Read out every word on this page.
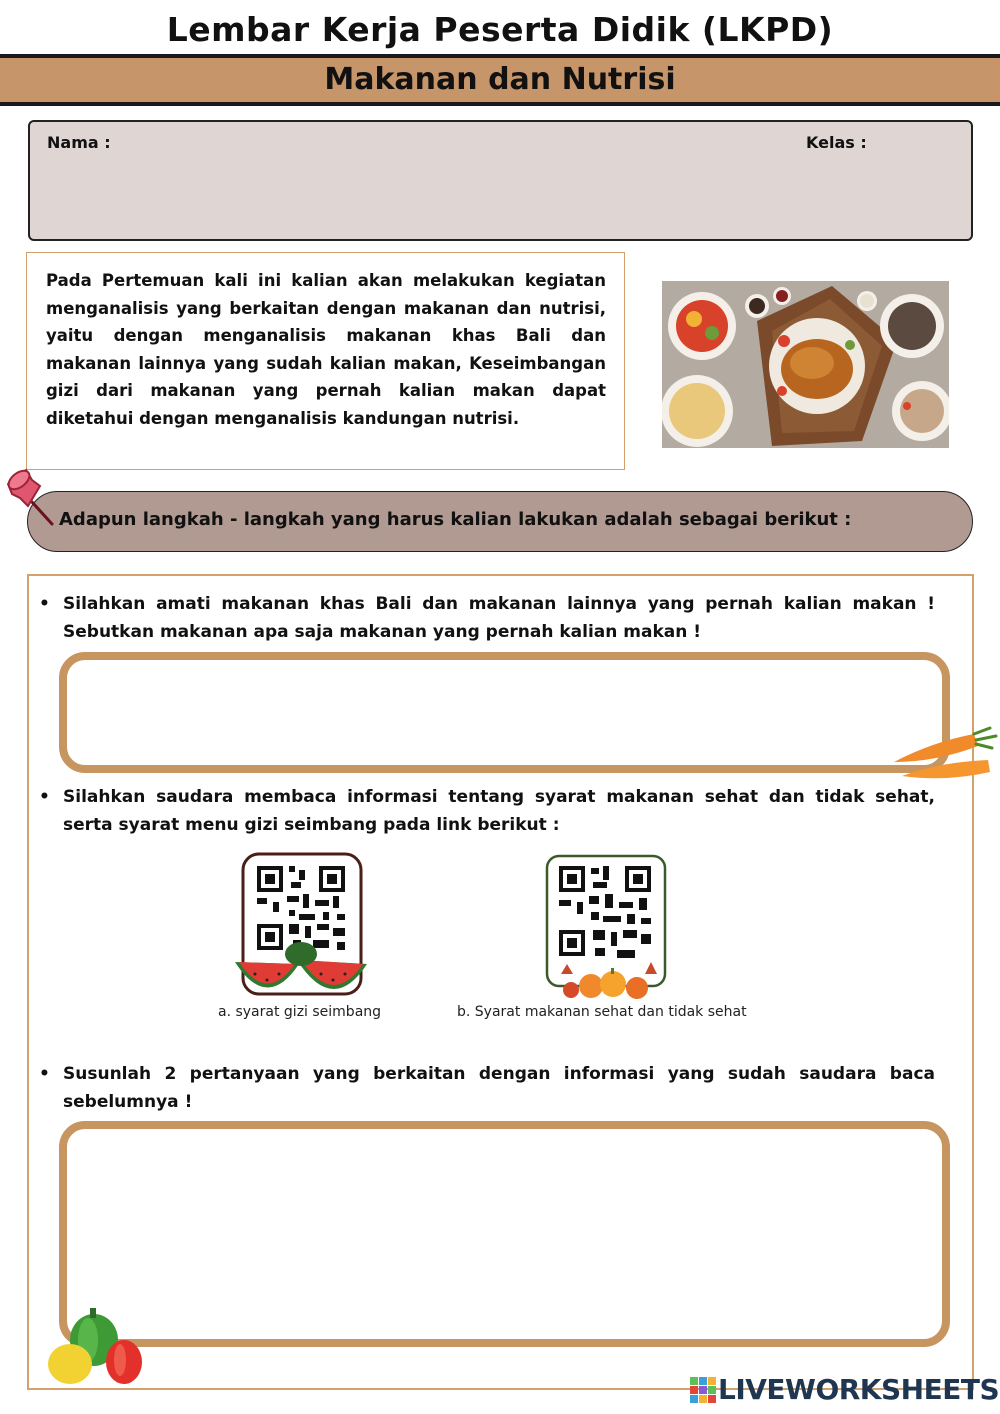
Lembar Kerja Peserta Didik (LKPD)
Makanan dan Nutrisi
Nama :	Kelas :

Pada Pertemuan kali ini kalian akan melakukan kegiatan menganalisis yang berkaitan dengan makanan dan nutrisi, yaitu dengan menganalisis makanan khas Bali dan makanan lainnya yang sudah kalian makan, Keseimbangan gizi dari makanan yang pernah kalian makan dapat diketahui dengan menganalisis kandungan nutrisi.

Adapun langkah - langkah yang harus kalian lakukan adalah sebagai berikut :
• Silahkan amati makanan khas Bali dan makanan lainnya yang pernah kalian makan ! Sebutkan makanan apa saja makanan yang pernah kalian makan !
• Silahkan saudara membaca informasi tentang syarat makanan sehat dan tidak sehat, serta syarat menu gizi seimbang pada link berikut :
a. syarat gizi seimbang	b. Syarat makanan sehat dan tidak sehat
• Susunlah 2 pertanyaan yang berkaitan dengan informasi yang sudah saudara baca sebelumnya !
LIVEWORKSHEETS
